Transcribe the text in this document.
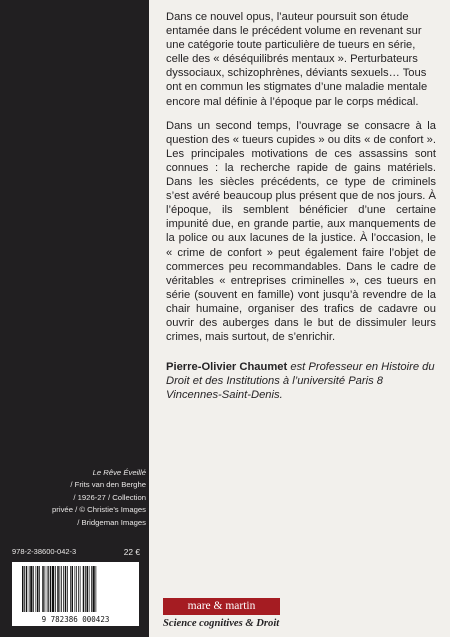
Dans ce nouvel opus, l’auteur poursuit son étude entamée dans le précédent volume en revenant sur une catégorie toute particulière de tueurs en série, celle des « déséquilibrés mentaux ». Perturbateurs dyssociaux, schizophrènes, déviants sexuels… Tous ont en commun les stigmates d’une maladie mentale encore mal définie à l’époque par le corps médical.

Dans un second temps, l’ouvrage se consacre à la question des « tueurs cupides » ou dits « de confort ». Les principales motivations de ces assassins sont connues : la recherche rapide de gains matériels. Dans les siècles précédents, ce type de criminels s’est avéré beaucoup plus présent que de nos jours. À l’époque, ils semblent bénéficier d’une certaine impunité due, en grande partie, aux manquements de la police ou aux lacunes de la justice. À l’occasion, le « crime de confort » peut également faire l’objet de commerces peu recommandables. Dans le cadre de véritables « entreprises criminelles », ces tueurs en série (souvent en famille) vont jusqu’à revendre de la chair humaine, organiser des trafics de cadavre ou ouvrir des auberges dans le but de dissimuler leurs crimes, mais surtout, de s’enrichir.

Pierre-Olivier Chaumet est Professeur en Histoire du Droit et des Institutions à l’université Paris 8 Vincennes-Saint-Denis.
Le Rêve Éveillé
/ Frits van den Berghe
/ 1926-27 / Collection
privée / © Christie’s Images
/ Bridgeman Images
978-2-38600-042-3	22 €
9 782386 000423
mare & martin
Science cognitives & Droit
